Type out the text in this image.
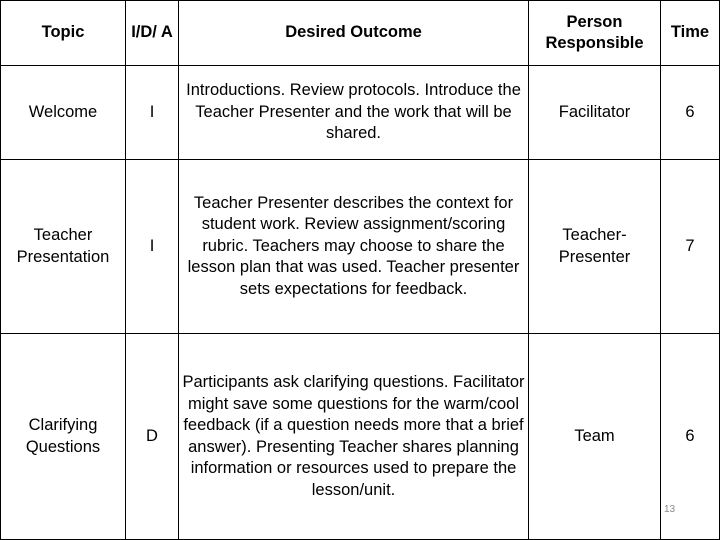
Topic	I/D/ A	Desired Outcome	Person Responsible	Time
Welcome	I	Introductions. Review protocols. Introduce the Teacher Presenter and the work that will be shared.	Facilitator	6
Teacher Presentation	I	Teacher Presenter describes the context for student work. Review assignment/scoring rubric. Teachers may choose to share the lesson plan that was used. Teacher presenter sets expectations for feedback.	Teacher-Presenter	7
Clarifying Questions	D	Participants ask clarifying questions. Facilitator might save some questions for the warm/cool feedback (if a question needs more that a brief answer). Presenting Teacher shares planning information or resources used to prepare the lesson/unit.	Team	6
13
